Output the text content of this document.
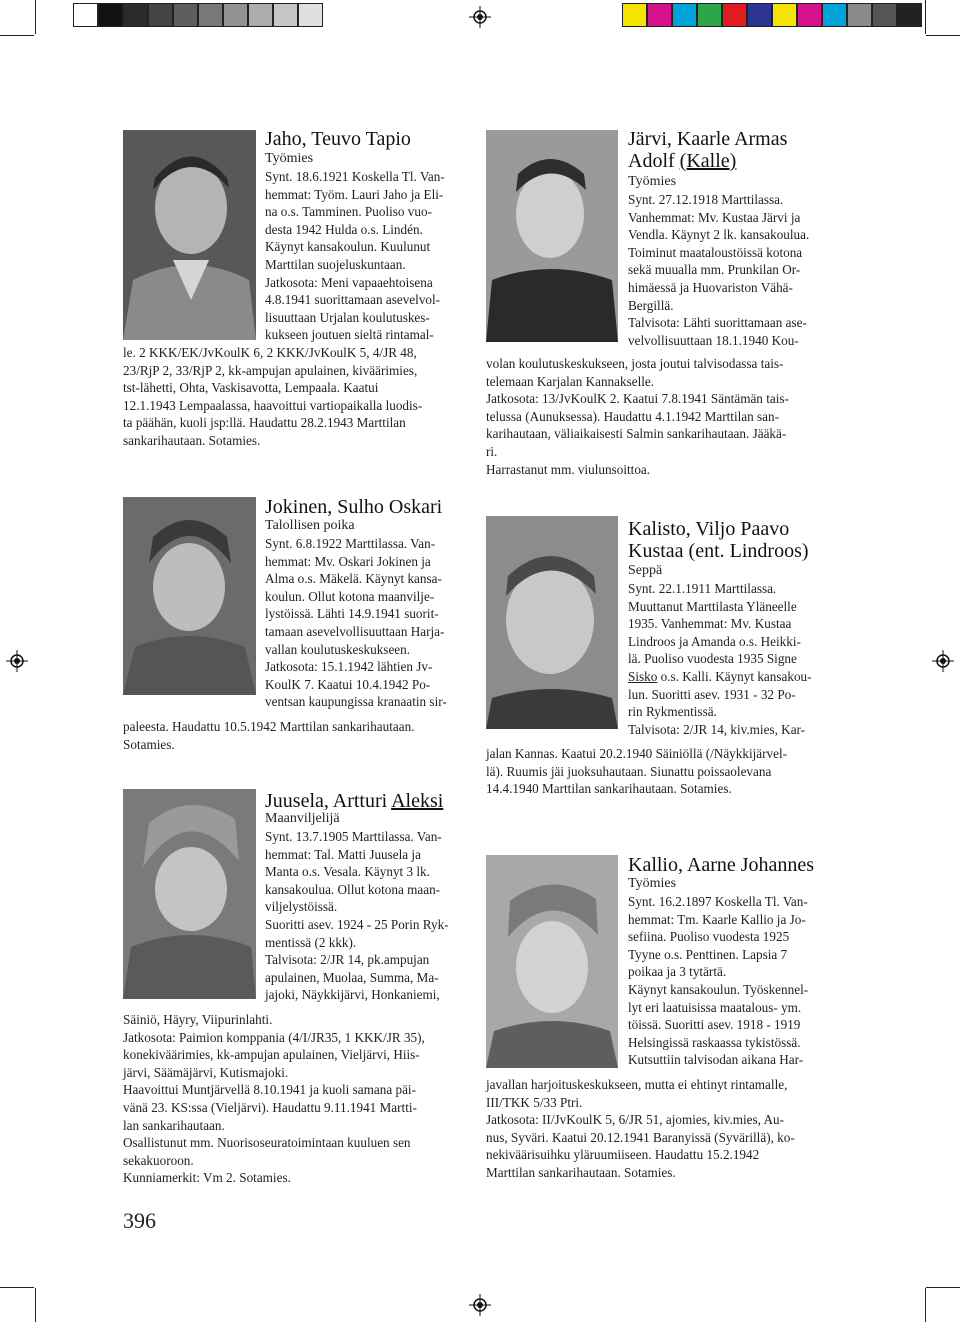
Jaho, Teuvo Tapio
Työmies

Synt. 18.6.1921 Koskella Tl. Van-

hemmat: Työm. Lauri Jaho ja Eli-

na o.s. Tamminen. Puoliso vuo-

desta 1942 Hulda o.s. Lindén.

Käynyt kansakoulun. Kuulunut

Marttilan suojeluskuntaan.

Jatkosota: Meni vapaaehtoisena

4.8.1941 suorittamaan asevelvol-

lisuuttaan Urjalan koulutuskes-

kukseen joutuen sieltä rintamal-

le. 2 KKK/EK/JvKoulK 6, 2 KKK/JvKoulK 5, 4/JR 48,

23/RjP 2, 33/RjP 2, kk-ampujan apulainen, kiväärimies,

tst-lähetti, Ohta, Vaskisavotta, Lempaala. Kaatui

12.1.1943 Lempaalassa, haavoittui vartiopaikalla luodis-

ta päähän, kuoli jsp:llä. Haudattu 28.2.1943 Marttilan

sankarihautaan. Sotamies.

Jokinen, Sulho Oskari
Talollisen poika

Synt. 6.8.1922 Marttilassa. Van-

hemmat: Mv. Oskari Jokinen ja

Alma o.s. Mäkelä. Käynyt kansa-

koulun. Ollut kotona maanvilje-

lystöissä. Lähti 14.9.1941 suorit-

tamaan asevelvollisuuttaan Harja-

vallan koulutuskeskukseen.

Jatkosota: 15.1.1942 lähtien Jv-

KoulK 7. Kaatui 10.4.1942 Po-

ventsan kaupungissa kranaatin sir-

paleesta. Haudattu 10.5.1942 Marttilan sankarihautaan.

Sotamies.

Juusela, Artturi Aleksi
Maanviljelijä

Synt. 13.7.1905 Marttilassa. Van-

hemmat: Tal. Matti Juusela ja

Manta o.s. Vesala. Käynyt 3 lk.

kansakoulua. Ollut kotona maan-

viljelystöissä.

Suoritti asev. 1924 - 25 Porin Ryk-

mentissä (2 kkk).

Talvisota: 2/JR 14, pk.ampujan

apulainen, Muolaa, Summa, Ma-

jajoki, Näykkijärvi, Honkaniemi,

Säiniö, Häyry, Viipurinlahti.

Jatkosota: Paimion komppania (4/I/JR35, 1 KKK/JR 35),

konekiväärimies, kk-ampujan apulainen, Vieljärvi, Hiis-

järvi, Säämäjärvi, Kutismajoki.

Haavoittui Muntjärvellä 8.10.1941 ja kuoli samana päi-

vänä 23. KS:ssa (Vieljärvi). Haudattu 9.11.1941 Martti-

lan sankarihautaan.

Osallistunut mm. Nuorisoseuratoimintaan kuuluen sen

sekakuoroon.

Kunniamerkit: Vm 2. Sotamies.

Järvi, Kaarle Armas
Adolf (Kalle)
Työmies

Synt. 27.12.1918 Marttilassa.

Vanhemmat: Mv. Kustaa Järvi ja

Vendla. Käynyt 2 lk. kansakoulua.

Toiminut maataloustöissä kotona

sekä muualla mm. Prunkilan Or-

himäessä ja Huovariston Vähä-

Bergillä.

Talvisota: Lähti suorittamaan ase-

velvollisuuttaan 18.1.1940 Kou-

volan koulutuskeskukseen, josta joutui talvisodassa tais-

telemaan Karjalan Kannakselle.

Jatkosota: 13/JvKoulK 2. Kaatui 7.8.1941 Säntämän tais-

telussa (Aunuksessa). Haudattu 4.1.1942 Marttilan san-

karihautaan, väliaikaisesti Salmin sankarihautaan. Jääkä-

ri.

Harrastanut mm. viulunsoittoa.

Kalisto, Viljo Paavo
Kustaa (ent. Lindroos)
Seppä

Synt. 22.1.1911 Marttilassa.

Muuttanut Marttilasta Yläneelle

1935. Vanhemmat: Mv. Kustaa

Lindroos ja Amanda o.s. Heikki-

lä. Puoliso vuodesta 1935 Signe

Sisko o.s. Kalli. Käynyt kansakou-

lun. Suoritti asev. 1931 - 32 Po-

rin Rykmentissä.

Talvisota: 2/JR 14, kiv.mies, Kar-

jalan Kannas. Kaatui 20.2.1940 Säiniöllä (/Näykkijärvel-

lä). Ruumis jäi juoksuhautaan. Siunattu poissaolevana

14.4.1940 Marttilan sankarihautaan. Sotamies.

Kallio, Aarne Johannes
Työmies

Synt. 16.2.1897 Koskella Tl. Van-

hemmat: Tm. Kaarle Kallio ja Jo-

sefiina. Puoliso vuodesta 1925

Tyyne o.s. Penttinen. Lapsia 7

poikaa ja 3 tytärtä.

Käynyt kansakoulun. Työskennel-

lyt eri laatuisissa maatalous- ym.

töissä. Suoritti asev. 1918 - 1919

Helsingissä raskaassa tykistössä.

Kutsuttiin talvisodan aikana Har-

javallan harjoituskeskukseen, mutta ei ehtinyt rintamalle,

III/TKK 5/33 Ptri.

Jatkosota: II/JvKoulK 5, 6/JR 51, ajomies, kiv.mies, Au-

nus, Syväri. Kaatui 20.12.1941 Baranyissä (Syvärillä), ko-

nekiväärisuihku yläruumiiseen. Haudattu 15.2.1942

Marttilan sankarihautaan. Sotamies.

396
